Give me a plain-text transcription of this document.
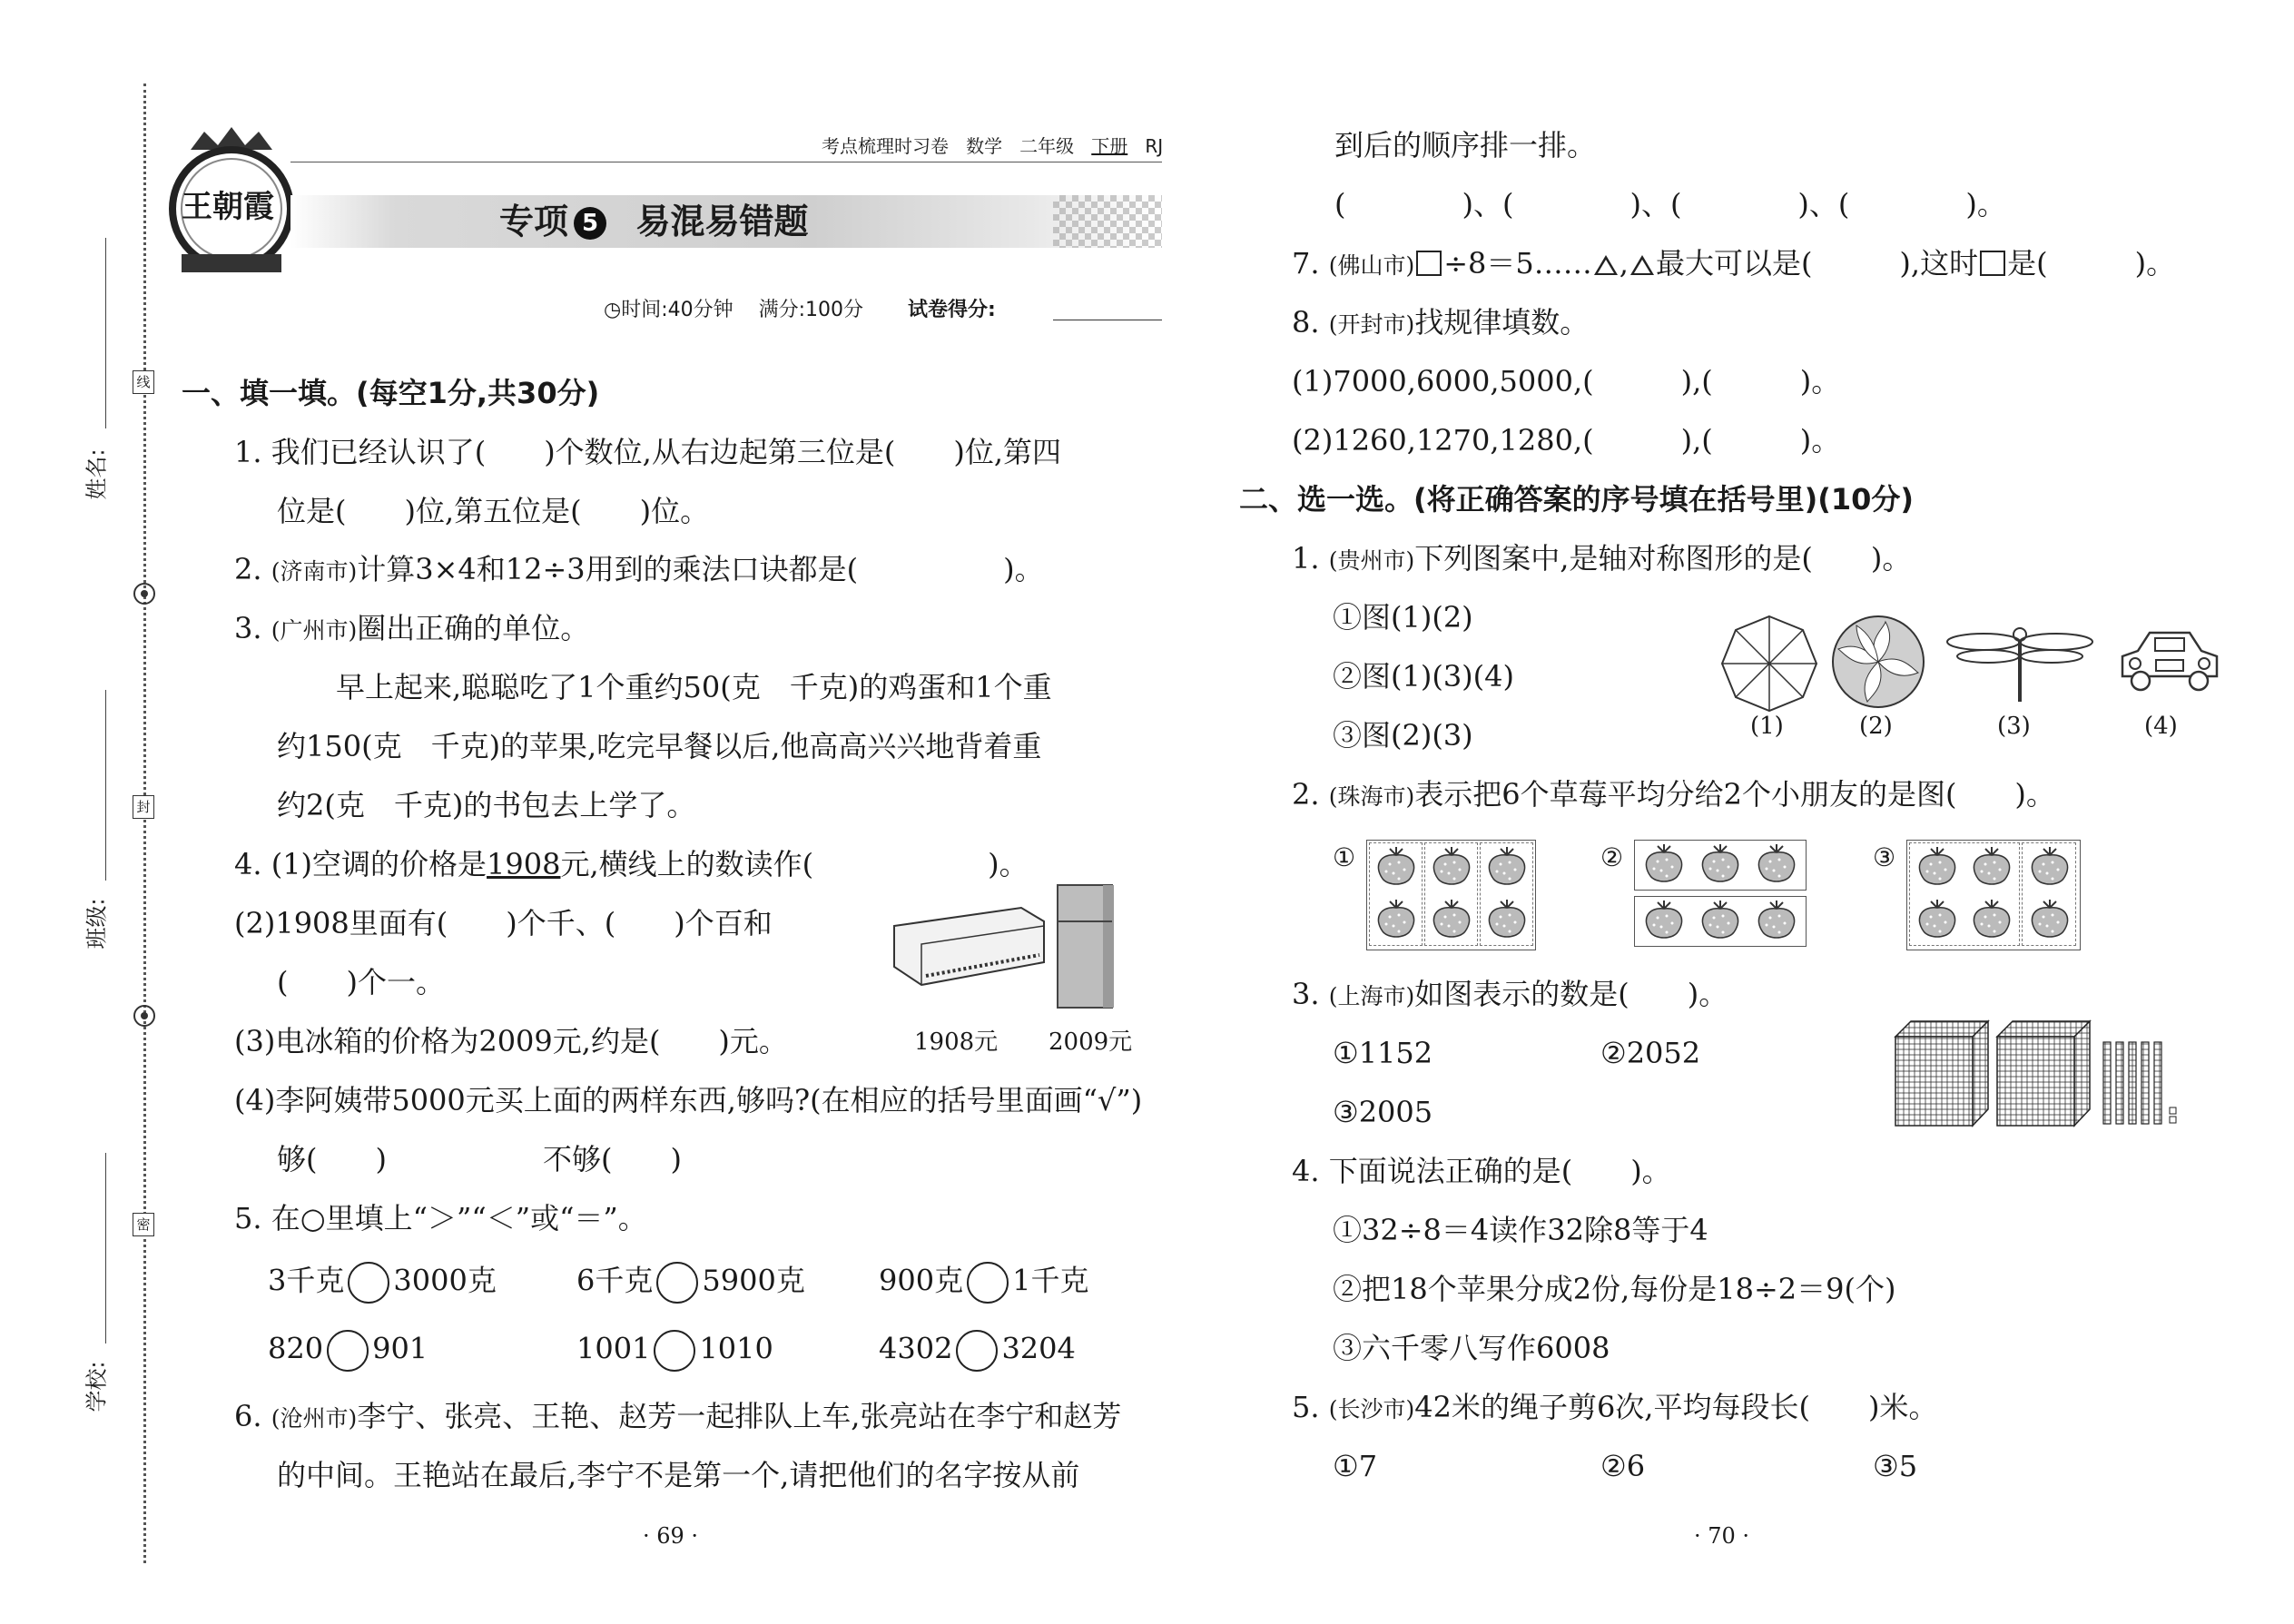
姓名:
班级:
学校:
线
封
密
王朝霞
考点梳理时习卷 数学 二年级 下册 RJ
专项 5 易混易错题
◷时间:40分钟 满分:100分 试卷得分:
一、填一填。(每空1分,共30分)
1. 我们已经认识了(　　)个数位,从右边起第三位是(　　)位,第四
位是(　　)位,第五位是(　　)位。
2. (济南市)计算3×4和12÷3用到的乘法口诀都是(　　　　　)。
3. (广州市)圈出正确的单位。
早上起来,聪聪吃了1个重约50(克　千克)的鸡蛋和1个重
约150(克　千克)的苹果,吃完早餐以后,他高高兴兴地背着重
约2(克　千克)的书包去上学了。
4. (1)空调的价格是1908元,横线上的数读作(　　　　　　)。
(2)1908里面有(　　)个千、(　　)个百和
(　　)个一。
(3)电冰箱的价格为2009元,约是(　　)元。
(4)李阿姨带5000元买上面的两样东西,够吗?(在相应的括号里面画“√”)
够(　　)	不够(　　)
1908元 2009元
5. 在○里填上“＞”“＜”或“＝”。
3千克 3000克	6千克 5900克	900克 1千克
820 901	1001 1010	4302 3204
6. (沧州市)李宁、张亮、王艳、赵芳一起排队上车,张亮站在李宁和赵芳
的中间。王艳站在最后,李宁不是第一个,请把他们的名字按从前
· 69 ·
到后的顺序排一排。
(　　　　)、(　　　　)、(　　　　)、(　　　　)。
7. (佛山市) ÷8＝5…… , 最大可以是(　　　),这时 是(　　　)。
8. (开封市)找规律填数。
(1)7000,6000,5000,(　　　),(　　　)。
(2)1260,1270,1280,(　　　),(　　　)。
二、选一选。(将正确答案的序号填在括号里)(10分)
1. (贵州市)下列图案中,是轴对称图形的是(　　)。
①图(1)(2)
②图(1)(3)(4)
③图(2)(3)	(1)	(2)	(3)	(4)
2. (珠海市)表示把6个草莓平均分给2个小朋友的是图(　　)。
①	②	③
3. (上海市)如图表示的数是(　　)。
①1152	②2052
③2005
4. 下面说法正确的是(　　)。
①32÷8＝4读作32除8等于4
②把18个苹果分成2份,每份是18÷2＝9(个)
③六千零八写作6008
5. (长沙市)42米的绳子剪6次,平均每段长(　　)米。
①7	②6	③5
· 70 ·
